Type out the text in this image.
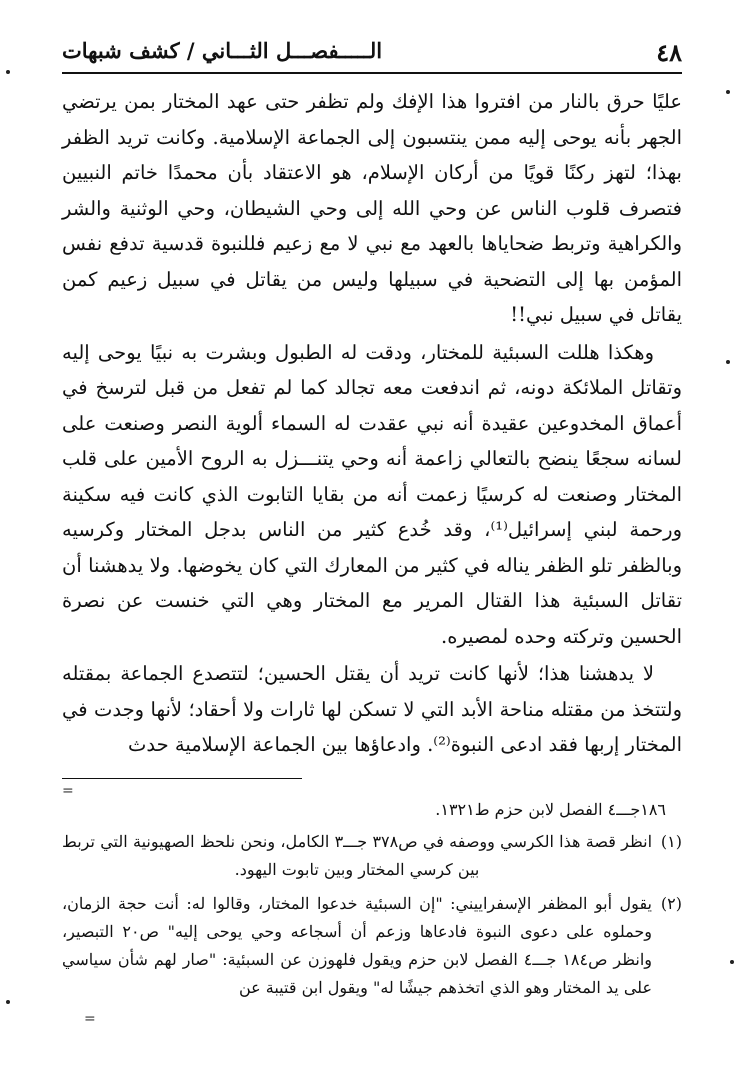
٤٨
الـــــفصـــل الثـــاني / كشف شبهات

عليًا حرق بالنار من افتروا هذا الإفك ولم تظفر حتى عهد المختار بمن يرتضي الجهر بأنه يوحى إليه ممن ينتسبون إلى الجماعة الإسلامية. وكانت تريد الظفر بهذا؛ لتهز ركنًا قويًا من أركان الإسلام، هو الاعتقاد بأن محمدًا خاتم النبيين فتصرف قلوب الناس عن وحي الله إلى وحي الشيطان، وحي الوثنية والشر والكراهية وتربط ضحاياها بالعهد مع نبي لا مع زعيم فللنبوة قدسية تدفع نفس المؤمن بها إلى التضحية في سبيلها وليس من يقاتل في سبيل زعيم كمن يقاتل في سبيل نبي!!

وهكذا هللت السبئية للمختار، ودقت له الطبول وبشرت به نبيًا يوحى إليه وتقاتل الملائكة دونه، ثم اندفعت معه تجالد كما لم تفعل من قبل لترسخ في أعماق المخدوعين عقيدة أنه نبي عقدت له السماء ألوية النصر وصنعت على لسانه سجعًا ينضح بالتعالي زاعمة أنه وحي يتنـــزل به الروح الأمين على قلب المختار وصنعت له كرسيًا زعمت أنه من بقايا التابوت الذي كانت فيه سكينة ورحمة لبني إسرائيل⁽¹⁾، وقد خُدع كثير من الناس بدجل المختار وكرسيه وبالظفر تلو الظفر يناله في كثير من المعارك التي كان يخوضها. ولا يدهشنا أن تقاتل السبئية هذا القتال المرير مع المختار وهي التي خنست عن نصرة الحسين وتركته وحده لمصيره.

لا يدهشنا هذا؛ لأنها كانت تريد أن يقتل الحسين؛ لتتصدع الجماعة بمقتله ولتتخذ من مقتله مناحة الأبد التي لا تسكن لها ثارات ولا أحقاد؛ لأنها وجدت في المختار إربها فقد ادعى النبوة⁽²⁾. وادعاؤها بين الجماعة الإسلامية حدث

=

١٨٦جـــ٤ الفصل لابن حزم ط١٣٢١.

(١)
انظر قصة هذا الكرسي ووصفه في ص٣٧٨ جـــ٣ الكامل، ونحن نلحظ الصهيونية التي تربط بين كرسي المختار وبين تابوت اليهود.
(٢)
يقول أبو المظفر الإسفراييني: "إن السبئية خدعوا المختار، وقالوا له: أنت حجة الزمان، وحملوه على دعوى النبوة فادعاها وزعم أن أسجاعه وحي يوحى إليه" ص٢٠ التبصير، وانظر ص١٨٤ جـــ٤ الفصل لابن حزم ويقول فلهوزن عن السبئية: "صار لهم شأن سياسي على يد المختار وهو الذي اتخذهم جيشًا له" ويقول ابن قتيبة عن
=
